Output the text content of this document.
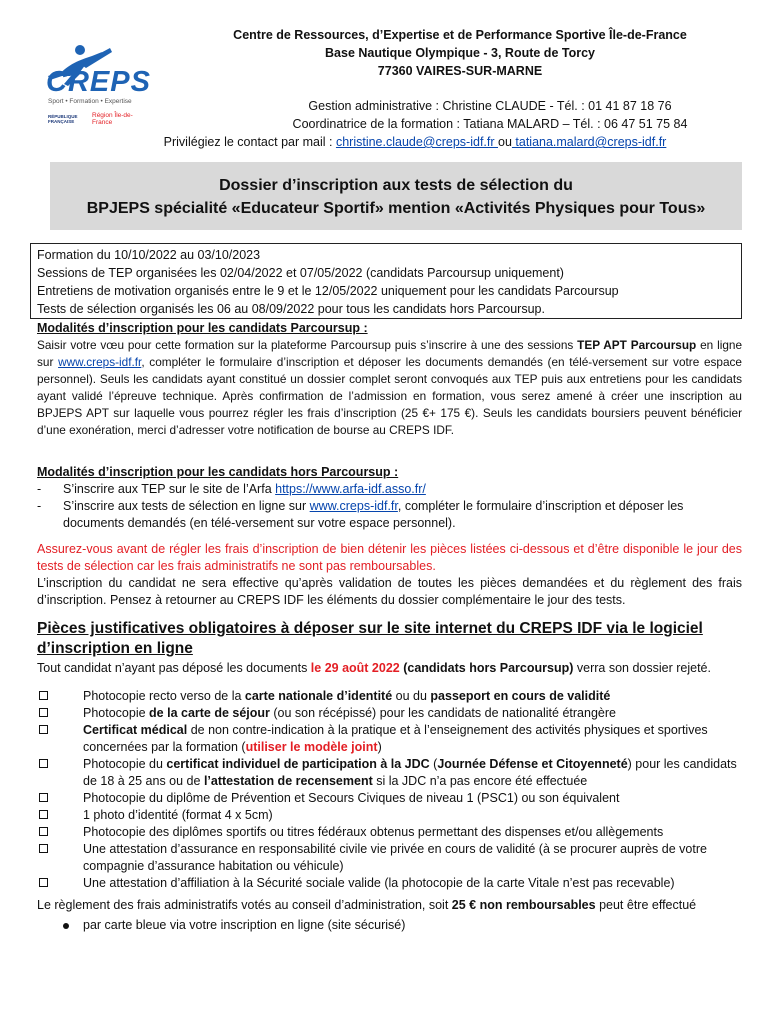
CREPS
Sport • Formation • Expertise
RÉPUBLIQUE FRANÇAISE
Région Île-de-France
Centre de Ressources, d’Expertise et de Performance Sportive Île-de-France
Base Nautique Olympique - 3, Route de Torcy
77360 VAIRES-SUR-MARNE
Gestion administrative : Christine CLAUDE - Tél. : 01 41 87 18 76
Coordinatrice de la formation : Tatiana MALARD – Tél. : 06 47 51 75 84
Privilégiez le contact par mail : christine.claude@creps-idf.fr ou tatiana.malard@creps-idf.fr
Dossier d’inscription aux tests de sélection du
BPJEPS spécialité «Educateur Sportif» mention «Activités Physiques pour Tous»
Formation du 10/10/2022 au 03/10/2023
Sessions de TEP organisées les 02/04/2022 et 07/05/2022 (candidats Parcoursup uniquement)
Entretiens de motivation organisés entre le 9 et le 12/05/2022 uniquement pour les candidats Parcoursup
Tests de sélection organisés les 06 au 08/09/2022 pour tous les candidats hors Parcoursup.
Modalités d’inscription pour les candidats Parcoursup :
Saisir votre vœu pour cette formation sur la plateforme Parcoursup puis s’inscrire à une des sessions TEP APT Parcoursup en ligne sur www.creps-idf.fr, compléter le formulaire d’inscription et déposer les documents demandés (en télé-versement sur votre espace personnel). Seuls les candidats ayant constitué un dossier complet seront convoqués aux TEP puis aux entretiens pour les candidats ayant validé l’épreuve technique. Après confirmation de l’admission en formation, vous serez amené à créer une inscription au BPJEPS APT sur laquelle vous pourrez régler les frais d’inscription (25 €+ 175 €). Seuls les candidats boursiers peuvent bénéficier d’une exonération, merci d’adresser votre notification de bourse au CREPS IDF.
Modalités d’inscription pour les candidats hors Parcoursup :
- S’inscrire aux TEP sur le site de l’Arfa https://www.arfa-idf.asso.fr/
- S’inscrire aux tests de sélection en ligne sur www.creps-idf.fr, compléter le formulaire d’inscription et déposer les documents demandés (en télé-versement sur votre espace personnel).
Assurez-vous avant de régler les frais d’inscription de bien détenir les pièces listées ci-dessous et d’être disponible le jour des tests de sélection car les frais administratifs ne sont pas remboursables.
L’inscription du candidat ne sera effective qu’après validation de toutes les pièces demandées et du règlement des frais d’inscription. Pensez à retourner au CREPS IDF les éléments du dossier complémentaire le jour des tests.
Pièces justificatives obligatoires à déposer sur le site internet du CREPS IDF via le logiciel d’inscription en ligne
Tout candidat n’ayant pas déposé les documents le 29 août 2022 (candidats hors Parcoursup) verra son dossier rejeté.
Photocopie recto verso de la carte nationale d’identité ou du passeport en cours de validité
Photocopie de la carte de séjour (ou son récépissé) pour les candidats de nationalité étrangère
Certificat médical de non contre-indication à la pratique et à l’enseignement des activités physiques et sportives concernées par la formation (utiliser le modèle joint)
Photocopie du certificat individuel de participation à la JDC (Journée Défense et Citoyenneté) pour les candidats de 18 à 25 ans ou de l’attestation de recensement si la JDC n’a pas encore été effectuée
Photocopie du diplôme de Prévention et Secours Civiques de niveau 1 (PSC1) ou son équivalent
1 photo d’identité (format 4 x 5cm)
Photocopie des diplômes sportifs ou titres fédéraux obtenus permettant des dispenses et/ou allègements
Une attestation d’assurance en responsabilité civile vie privée en cours de validité (à se procurer auprès de votre compagnie d’assurance habitation ou véhicule)
Une attestation d’affiliation à la Sécurité sociale valide (la photocopie de la carte Vitale n’est pas recevable)
Le règlement des frais administratifs votés au conseil d’administration, soit 25 € non remboursables peut être effectué
par carte bleue via votre inscription en ligne (site sécurisé)
